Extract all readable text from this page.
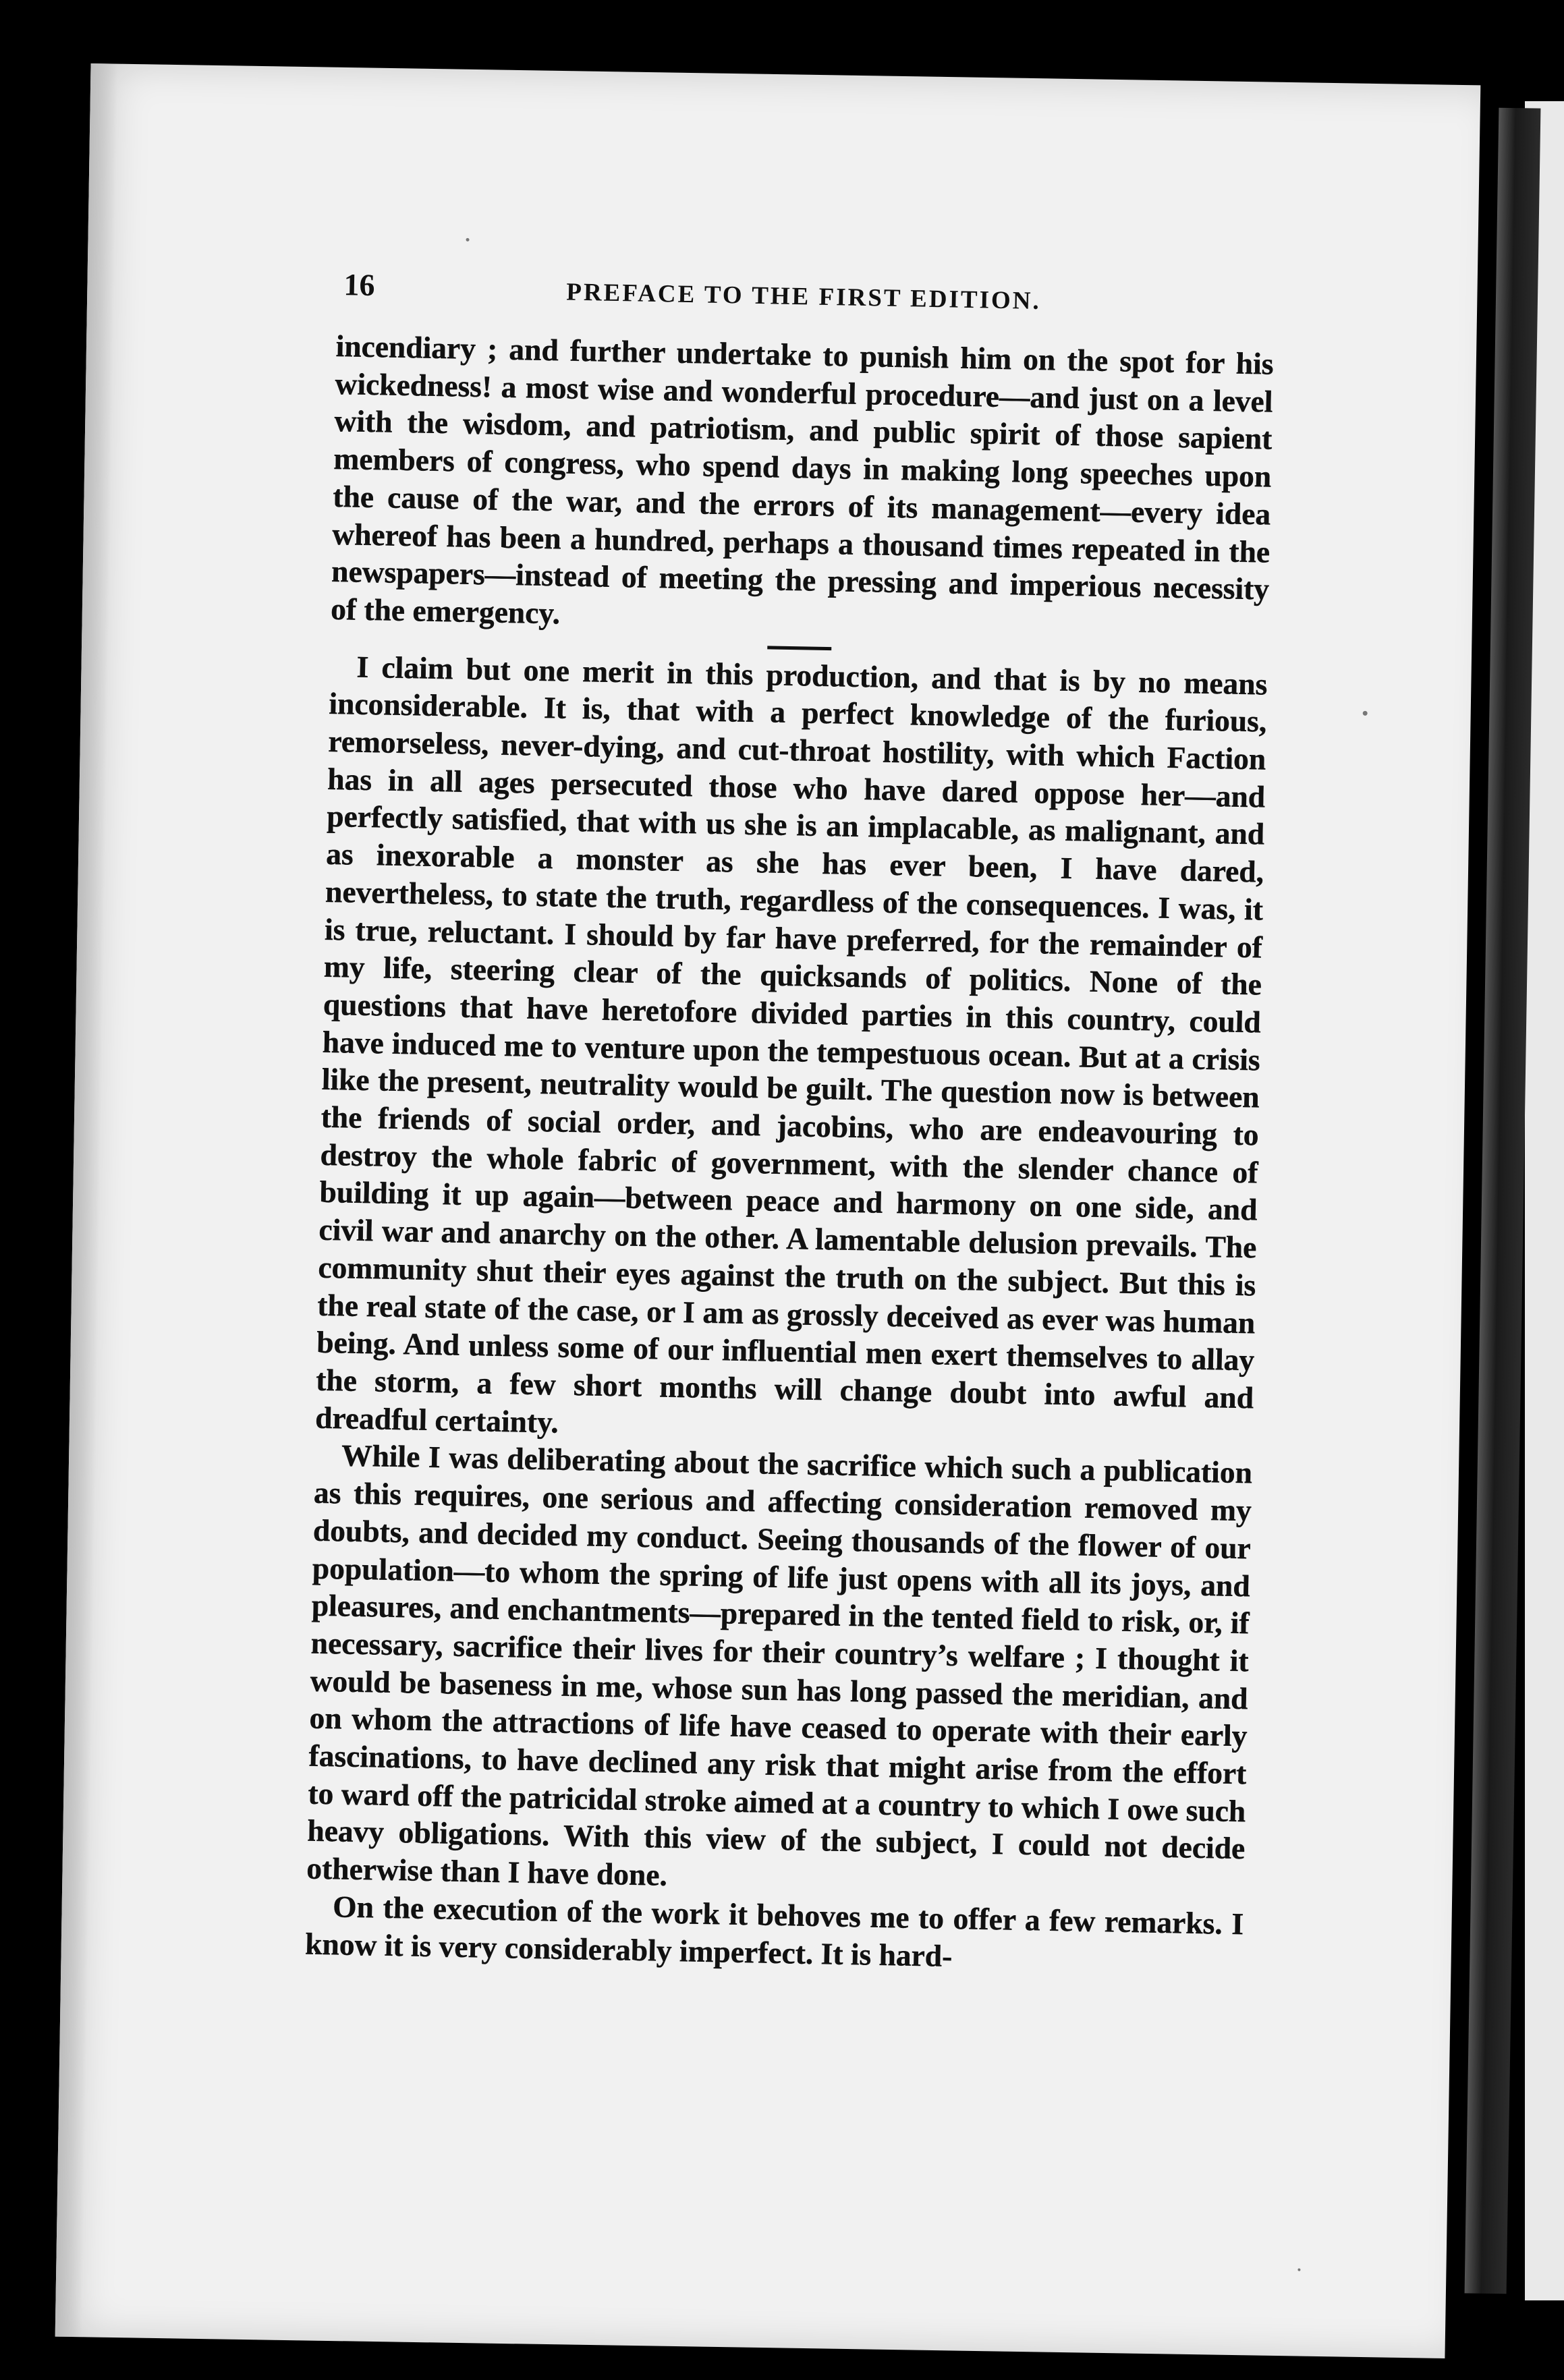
16	PREFACE TO THE FIRST EDITION.

incendiary ; and further undertake to punish him on the spot for his wickedness! a most wise and wonderful procedure—and just on a level with the wisdom, and patriotism, and public spirit of those sapient members of congress, who spend days in making long speeches upon the cause of the war, and the errors of its management—every idea whereof has been a hundred, perhaps a thousand times repeated in the newspapers—instead of meeting the pressing and imperious necessity of the emergency.

I claim but one merit in this production, and that is by no means inconsiderable. It is, that with a perfect knowledge of the furious, remorseless, never-dying, and cut-throat hostility, with which Faction has in all ages persecuted those who have dared oppose her—and perfectly satisfied, that with us she is an implacable, as malignant, and as inexorable a monster as she has ever been, I have dared, nevertheless, to state the truth, regardless of the consequences. I was, it is true, reluctant. I should by far have preferred, for the remainder of my life, steering clear of the quicksands of politics. None of the questions that have heretofore divided parties in this country, could have induced me to venture upon the tempestuous ocean. But at a crisis like the present, neutrality would be guilt. The question now is between the friends of social order, and jacobins, who are endeavouring to destroy the whole fabric of government, with the slender chance of building it up again—between peace and harmony on one side, and civil war and anarchy on the other. A lamentable delusion prevails. The community shut their eyes against the truth on the subject. But this is the real state of the case, or I am as grossly deceived as ever was human being. And unless some of our influential men exert themselves to allay the storm, a few short months will change doubt into awful and dreadful certainty.

While I was deliberating about the sacrifice which such a publication as this requires, one serious and affecting consideration removed my doubts, and decided my conduct. Seeing thousands of the flower of our population—to whom the spring of life just opens with all its joys, and pleasures, and enchantments—prepared in the tented field to risk, or, if necessary, sacrifice their lives for their country’s welfare ; I thought it would be baseness in me, whose sun has long passed the meridian, and on whom the attractions of life have ceased to operate with their early fascinations, to have declined any risk that might arise from the effort to ward off the patricidal stroke aimed at a country to which I owe such heavy obligations. With this view of the subject, I could not decide otherwise than I have done.

On the execution of the work it behoves me to offer a few remarks. I know it is very considerably imperfect. It is hard-
